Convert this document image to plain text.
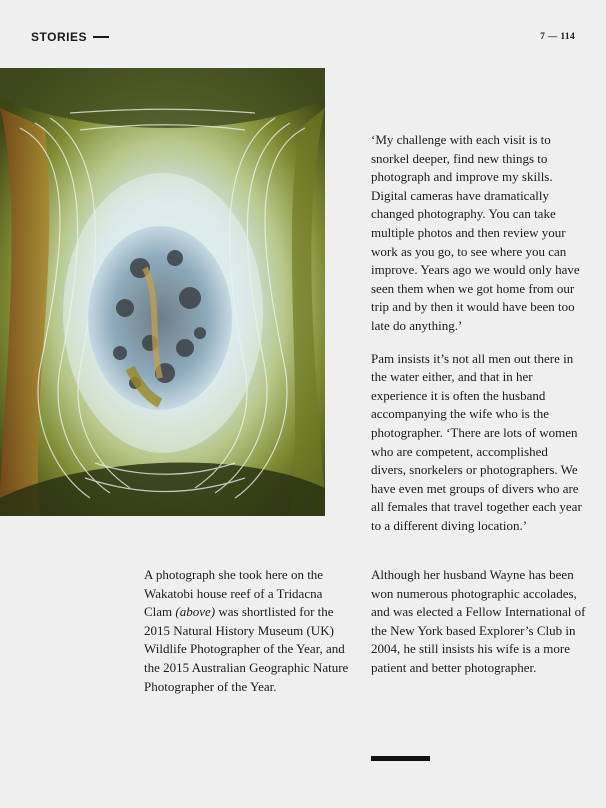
STORIES	7 — 114

‘My challenge with each visit is to snorkel deeper, find new things to photograph and improve my skills. Digital cameras have dramatically changed photography. You can take multiple photos and then review your work as you go, to see where you can improve. Years ago we would only have seen them when we got home from our trip and by then it would have been too late do anything.’

Pam insists it’s not all men out there in the water either, and that in her experience it is often the husband accompanying the wife who is the photographer. ‘There are lots of women who are competent, accomplished divers, snorkelers or photographers. We have even met groups of divers who are all females that travel together each year to a different diving location.’

A photograph she took here on the Wakatobi house reef of a Tridacna Clam (above) was shortlisted for the 2015 Natural History Museum (UK) Wildlife Photographer of the Year, and the 2015 Australian Geographic Nature Photographer of the Year.

Although her husband Wayne has been won numerous photographic accolades, and was elected a Fellow International of the New York based Explorer’s Club in 2004, he still insists his wife is a more patient and better photographer.
